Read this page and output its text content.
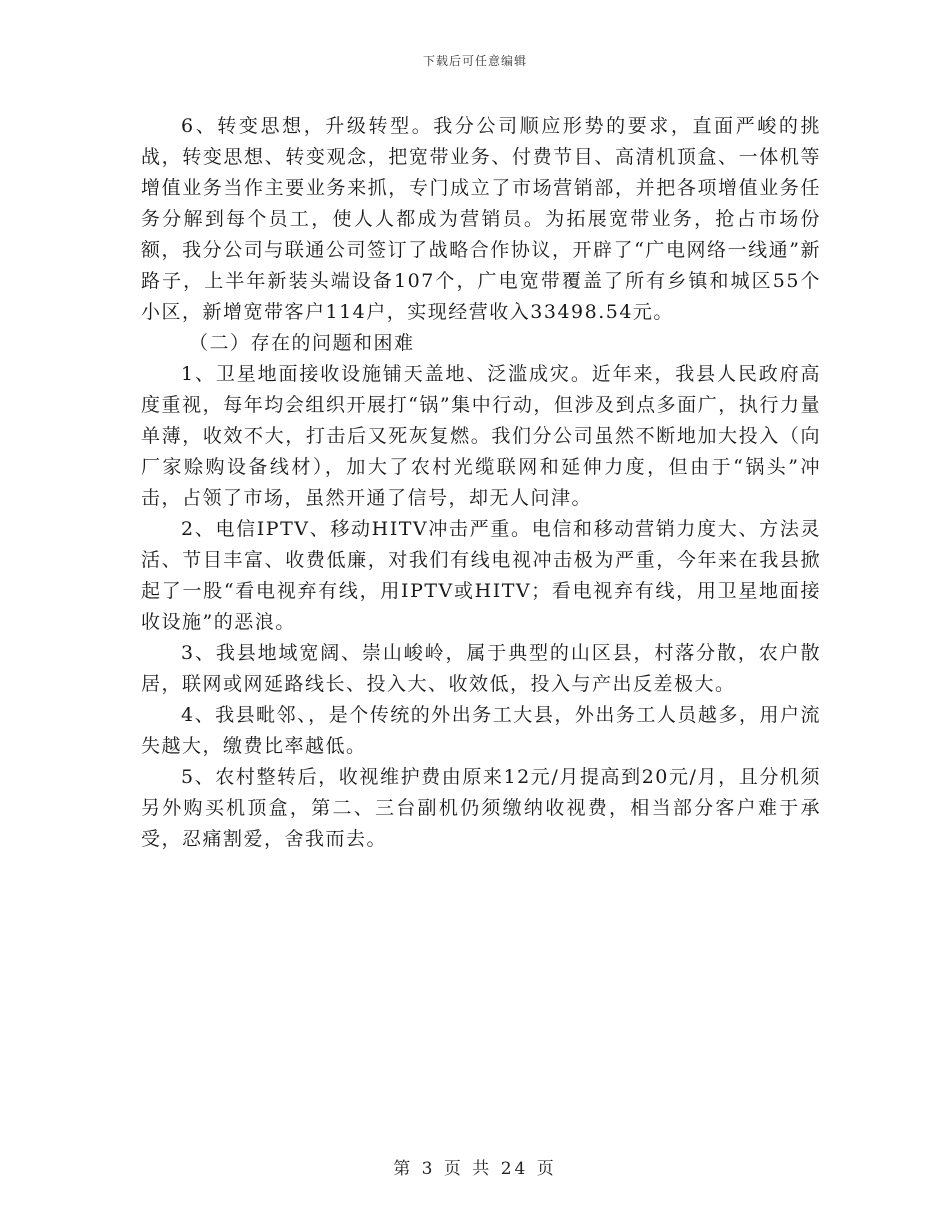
下载后可任意编辑

6、转变思想，升级转型。我分公司顺应形势的要求，直面严峻的挑战，转变思想、转变观念，把宽带业务、付费节目、高清机顶盒、一体机等增值业务当作主要业务来抓，专门成立了市场营销部，并把各项增值业务任务分解到每个员工，使人人都成为营销员。为拓展宽带业务，抢占市场份额，我分公司与联通公司签订了战略合作协议，开辟了“广电网络一线通”新路子，上半年新装头端设备107个，广电宽带覆盖了所有乡镇和城区55个小区，新增宽带客户114户，实现经营收入33498.54元。

（二）存在的问题和困难

1、卫星地面接收设施铺天盖地、泛滥成灾。近年来，我县人民政府高度重视，每年均会组织开展打“锅”集中行动，但涉及到点多面广，执行力量单薄，收效不大，打击后又死灰复燃。我们分公司虽然不断地加大投入（向厂家赊购设备线材），加大了农村光缆联网和延伸力度，但由于“锅头”冲击，占领了市场，虽然开通了信号，却无人问津。

2、电信IPTV、移动HITV冲击严重。电信和移动营销力度大、方法灵活、节目丰富、收费低廉，对我们有线电视冲击极为严重，今年来在我县掀起了一股“看电视弃有线，用IPTV或HITV；看电视弃有线，用卫星地面接收设施”的恶浪。

3、我县地域宽阔、崇山峻岭，属于典型的山区县，村落分散，农户散居，联网或网延路线长、投入大、收效低，投入与产出反差极大。

4、我县毗邻、，是个传统的外出务工大县，外出务工人员越多，用户流失越大，缴费比率越低。

5、农村整转后，收视维护费由原来12元/月提高到20元/月，且分机须另外购买机顶盒，第二、三台副机仍须缴纳收视费，相当部分客户难于承受，忍痛割爱，舍我而去。

第 3 页 共 24 页
